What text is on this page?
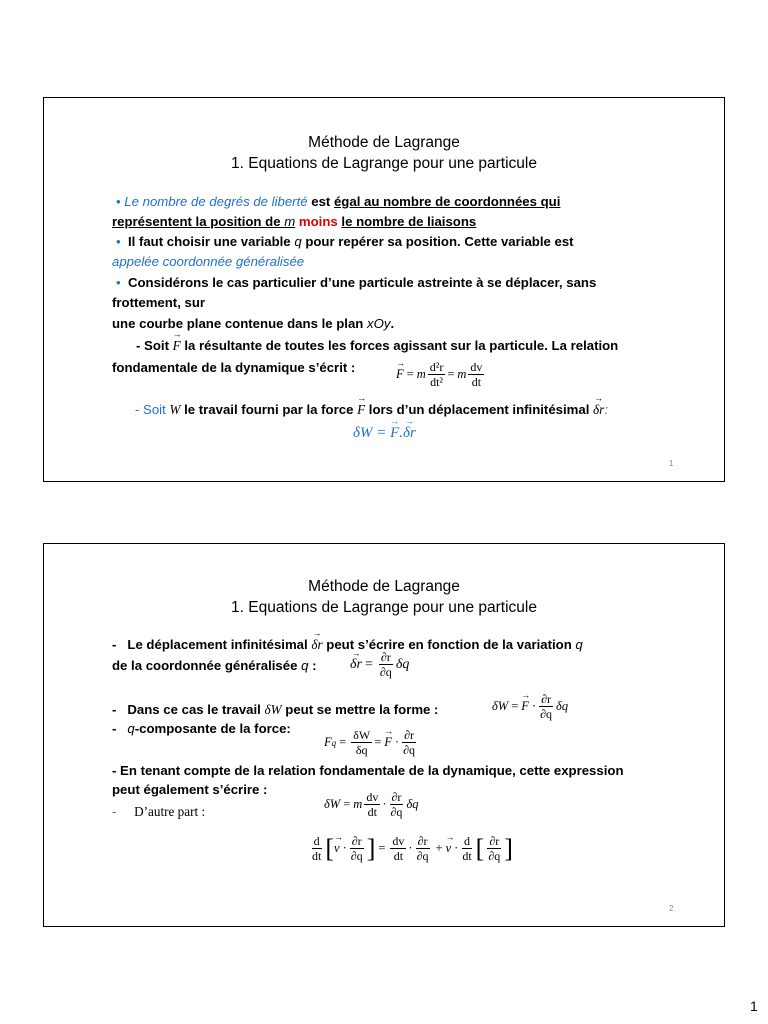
Méthode de Lagrange
1. Equations de Lagrange pour une particule
• Le nombre de degrés de liberté est égal au nombre de coordonnées qui
représentent la position de m moins le nombre de liaisons
• Il faut choisir une variable q pour repérer sa position. Cette variable est
appelée coordonnée généralisée
• Considérons le cas particulier d’une particule astreinte à se déplacer, sans
frottement, sur
une courbe plane contenue dans le plan xOy.
- Soit F → la résultante de toutes les forces agissant sur la particule. La relation
fondamentale de la dynamique s’écrit :	F → = m $\frac{\text{d²r}}{\text{dt²}} = m \frac{dv}{dt}$
- Soit W le travail fourni par la force F → lors d’un déplacement infinitésimal δr →:
δW = F →.δr →
1
Méthode de Lagrange
1. Equations de Lagrange pour une particule
-   Le déplacement infinitésimal δr → peut s’écrire en fonction de la variation q
de la coordonnée généralisée q : δr → = $\frac{\partial r}{\partial q}$ δq
-   Dans ce cas le travail δW peut se mettre la forme :	δW = F → · $\frac{\partial r}{\partial q}$ δq
-   q-composante de la force:
F $q = \frac{\delta W}{\delta q} = F$ → · $\frac{\partial r}{\partial q}$
- En tenant compte de la relation fondamentale de la dynamique, cette expression
peut également s’écrire :
δW = m $\frac{dv}{dt} \cdot \frac{\partial r}{\partial q}$ δq
- D’autre part :
$\frac{d}{dt}$ [ v → · $\frac{\partial r}{\partial q}$ ] = $\frac{dv}{dt} \cdot \frac{\partial r}{\partial q} + v$ → · $\frac{d}{dt}$ [ $\frac{\partial r}{\partial q}$ ]
2
1
